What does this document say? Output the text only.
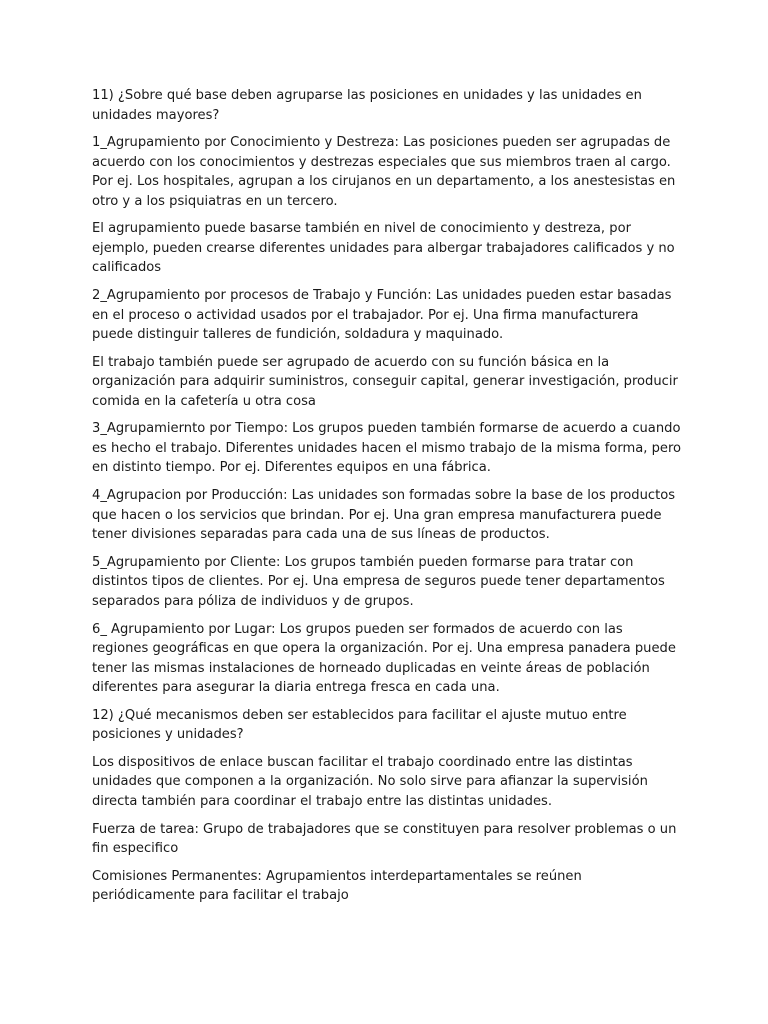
11) ¿Sobre qué base deben agruparse las posiciones en unidades y las unidades en unidades mayores?

1_Agrupamiento por Conocimiento y Destreza: Las posiciones pueden ser agrupadas de acuerdo con los conocimientos y destrezas especiales que sus miembros traen al cargo. Por ej. Los hospitales, agrupan a los cirujanos en un departamento, a los anestesistas en otro y a los psiquiatras en un tercero.

El agrupamiento puede basarse también en nivel de conocimiento y destreza, por ejemplo, pueden crearse diferentes unidades para albergar trabajadores calificados y no calificados

2_Agrupamiento por procesos de Trabajo y Función: Las unidades pueden estar basadas en el proceso o actividad usados por el trabajador. Por ej. Una firma manufacturera puede distinguir talleres de fundición, soldadura y maquinado.

El trabajo también puede ser agrupado de acuerdo con su función básica en la organización para adquirir suministros, conseguir capital, generar investigación, producir comida en la cafetería u otra cosa

3_Agrupamiernto por Tiempo: Los grupos pueden también formarse de acuerdo a cuando es hecho el trabajo. Diferentes unidades hacen el mismo trabajo de la misma forma, pero en distinto tiempo. Por ej. Diferentes equipos en una fábrica.

4_Agrupacion por Producción: Las unidades son formadas sobre la base de los productos que hacen o los servicios que brindan. Por ej. Una gran empresa manufacturera puede tener divisiones separadas para cada una de sus líneas de productos.

5_Agrupamiento por Cliente: Los grupos también pueden formarse para tratar con distintos tipos de clientes. Por ej. Una empresa de seguros puede tener departamentos separados para póliza de individuos y de grupos.

6_ Agrupamiento por Lugar: Los grupos pueden ser formados de acuerdo con las regiones geográficas en que opera la organización. Por ej. Una empresa panadera puede tener las mismas instalaciones de horneado duplicadas en veinte áreas de población diferentes para asegurar la diaria entrega fresca en cada una.

12) ¿Qué mecanismos deben ser establecidos para facilitar el ajuste mutuo entre posiciones y unidades?

Los dispositivos de enlace buscan facilitar el trabajo coordinado entre las distintas unidades que componen a la organización. No solo sirve para afianzar la supervisión directa también para coordinar el trabajo entre las distintas unidades.

Fuerza de tarea: Grupo de trabajadores que se constituyen para resolver problemas o un fin especifico

Comisiones Permanentes: Agrupamientos interdepartamentales se reúnen periódicamente para facilitar el trabajo
